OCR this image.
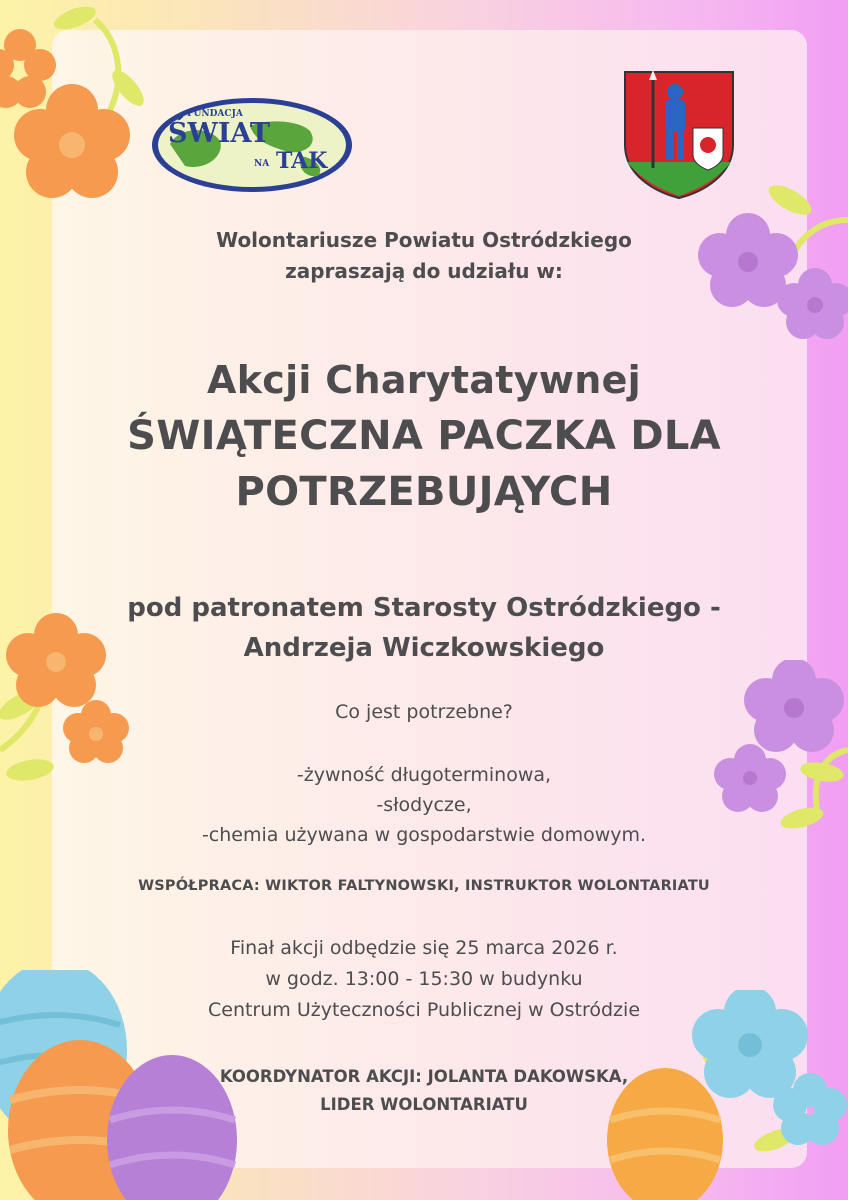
FUNDACJA
ŚWIAT
NA TAK
Wolontariusze Powiatu Ostródzkiego
zapraszają do udziału w:
Akcji Charytatywnej
ŚWIĄTECZNA PACZKA DLA
POTRZEBUJĄYCH
pod patronatem Starosty Ostródzkiego -
Andrzeja Wiczkowskiego
Co jest potrzebne?
-żywność długoterminowa,
-słodycze,
-chemia używana w gospodarstwie domowym.
WSPÓŁPRACA: WIKTOR FALTYNOWSKI, INSTRUKTOR WOLONTARIATU
Finał akcji odbędzie się 25 marca 2026 r.
w godz. 13:00 - 15:30 w budynku
Centrum Użyteczności Publicznej w Ostródzie
KOORDYNATOR AKCJI: JOLANTA DAKOWSKA,
LIDER WOLONTARIATU
